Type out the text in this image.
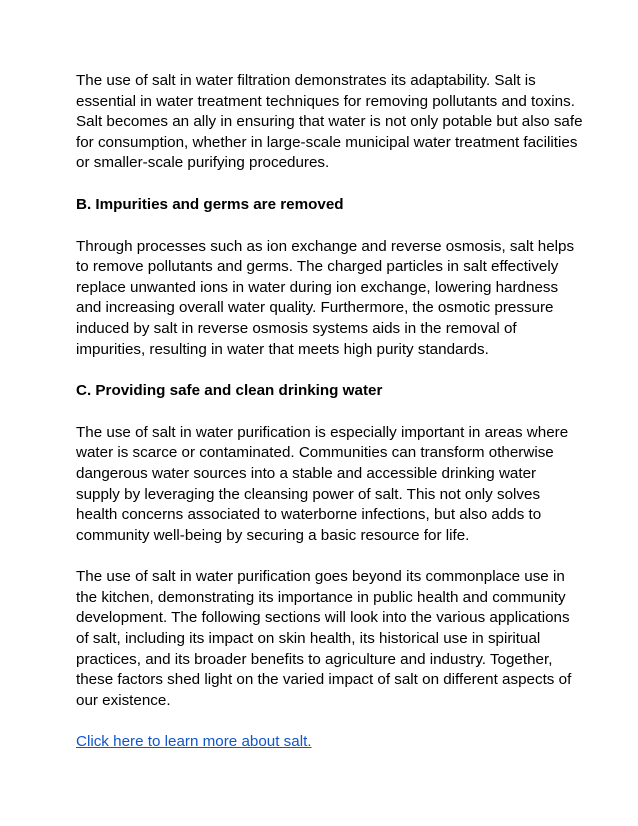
The use of salt in water filtration demonstrates its adaptability. Salt is
essential in water treatment techniques for removing pollutants and toxins.
Salt becomes an ally in ensuring that water is not only potable but also safe
for consumption, whether in large-scale municipal water treatment facilities
or smaller-scale purifying procedures.

B. Impurities and germs are removed

Through processes such as ion exchange and reverse osmosis, salt helps
to remove pollutants and germs. The charged particles in salt effectively
replace unwanted ions in water during ion exchange, lowering hardness
and increasing overall water quality. Furthermore, the osmotic pressure
induced by salt in reverse osmosis systems aids in the removal of
impurities, resulting in water that meets high purity standards.

C. Providing safe and clean drinking water

The use of salt in water purification is especially important in areas where
water is scarce or contaminated. Communities can transform otherwise
dangerous water sources into a stable and accessible drinking water
supply by leveraging the cleansing power of salt. This not only solves
health concerns associated to waterborne infections, but also adds to
community well-being by securing a basic resource for life.

The use of salt in water purification goes beyond its commonplace use in
the kitchen, demonstrating its importance in public health and community
development. The following sections will look into the various applications
of salt, including its impact on skin health, its historical use in spiritual
practices, and its broader benefits to agriculture and industry. Together,
these factors shed light on the varied impact of salt on different aspects of
our existence.

Click here to learn more about salt.
